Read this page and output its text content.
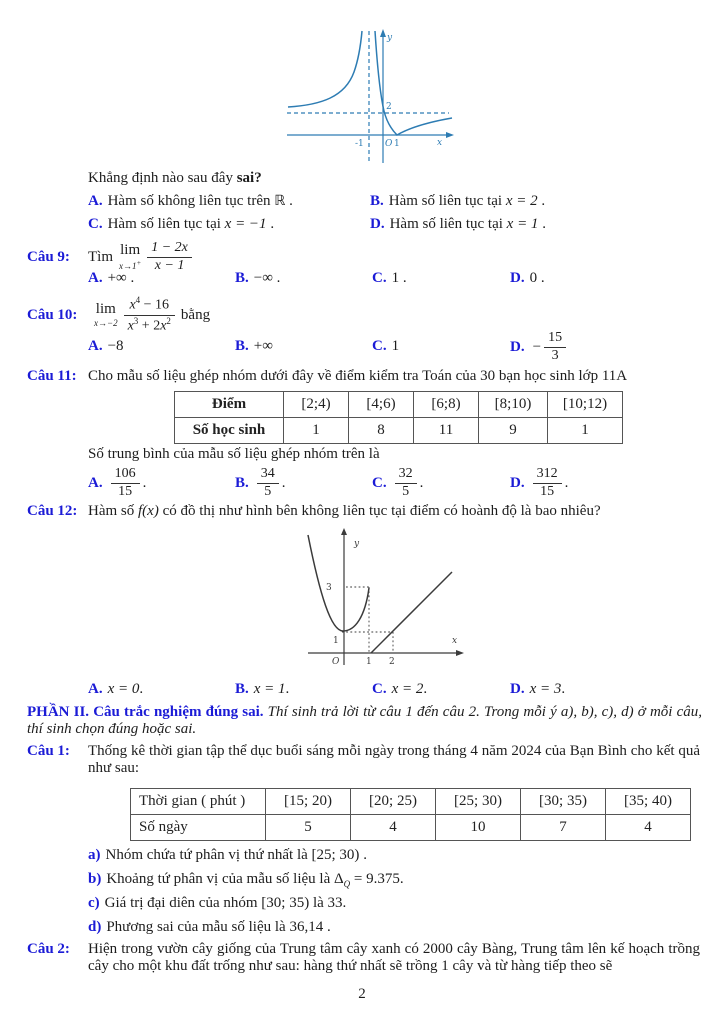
y
2
-1 O 1	x
Khẳng định nào sau đây sai?
A. Hàm số không liên tục trên ℝ .	B. Hàm số liên tục tại x = 2 .
C. Hàm số liên tục tại x = −1 .	D. Hàm số liên tục tại x = 1 .
Câu 9:	Tìm lim
$x\to 1^+ \frac{1 - 2x}{x - 1}$
A. +∞ .	B. −∞ .	C. 1 .	D. 0 .
Câu 10:	lim
$x\to-2 \frac{x^4 - 16}{x^3 + 2x^2}$ bằng
A. −8	B. +∞	C. 1	D. − $\frac{15}{3}$
Câu 11: Cho mẫu số liệu ghép nhóm dưới đây về điểm kiểm tra Toán của 30 bạn học sinh lớp 11A
Điểm	[2;4)	[4;6)	[6;8)	[8;10)	[10;12)
Số học sinh	1	8	11	9	1
Số trung bình của mẫu số liệu ghép nhóm trên là
A. $\frac{106}{15}$ .	B. $\frac{34}{5}$ .	C. $\frac{32}{5}$ .	D. $\frac{312}{15}$ .
Câu 12: Hàm số f(x) có đồ thị như hình bên không liên tục tại điểm có hoành độ là bao nhiêu?
y
3
1
O	1 2
x
A. x = 0.	B. x = 1.	C. x = 2.	D. x = 3.
PHẦN II. Câu trắc nghiệm đúng sai. Thí sinh trả lời từ câu 1 đến câu 2. Trong mỗi ý a), b), c), d) ở mỗi câu, thí sinh chọn đúng hoặc sai.
Câu 1: Thống kê thời gian tập thể dục buổi sáng mỗi ngày trong tháng 4 năm 2024 của Bạn Bình cho kết quả như sau:
Thời gian ( phút )	[15; 20)	[20; 25)	[25; 30)	[30; 35)	[35; 40)
Số ngày	5	4	10	7	4
a) Nhóm chứa tứ phân vị thứ nhất là [25; 30) .
b) Khoảng tứ phân vị của mẫu số liệu là $\Delta_Q = 9.375$.
c) Giá trị đại diên của nhóm [30; 35) là 33.
d) Phương sai của mẫu số liệu là 36,14 .
Câu 2: Hiện trong vườn cây giống của Trung tâm cây xanh có 2000 cây Bàng, Trung tâm lên kế hoạch trồng cây cho một khu đất trống như sau: hàng thứ nhất sẽ trồng 1 cây và từ hàng tiếp theo sẽ
2
